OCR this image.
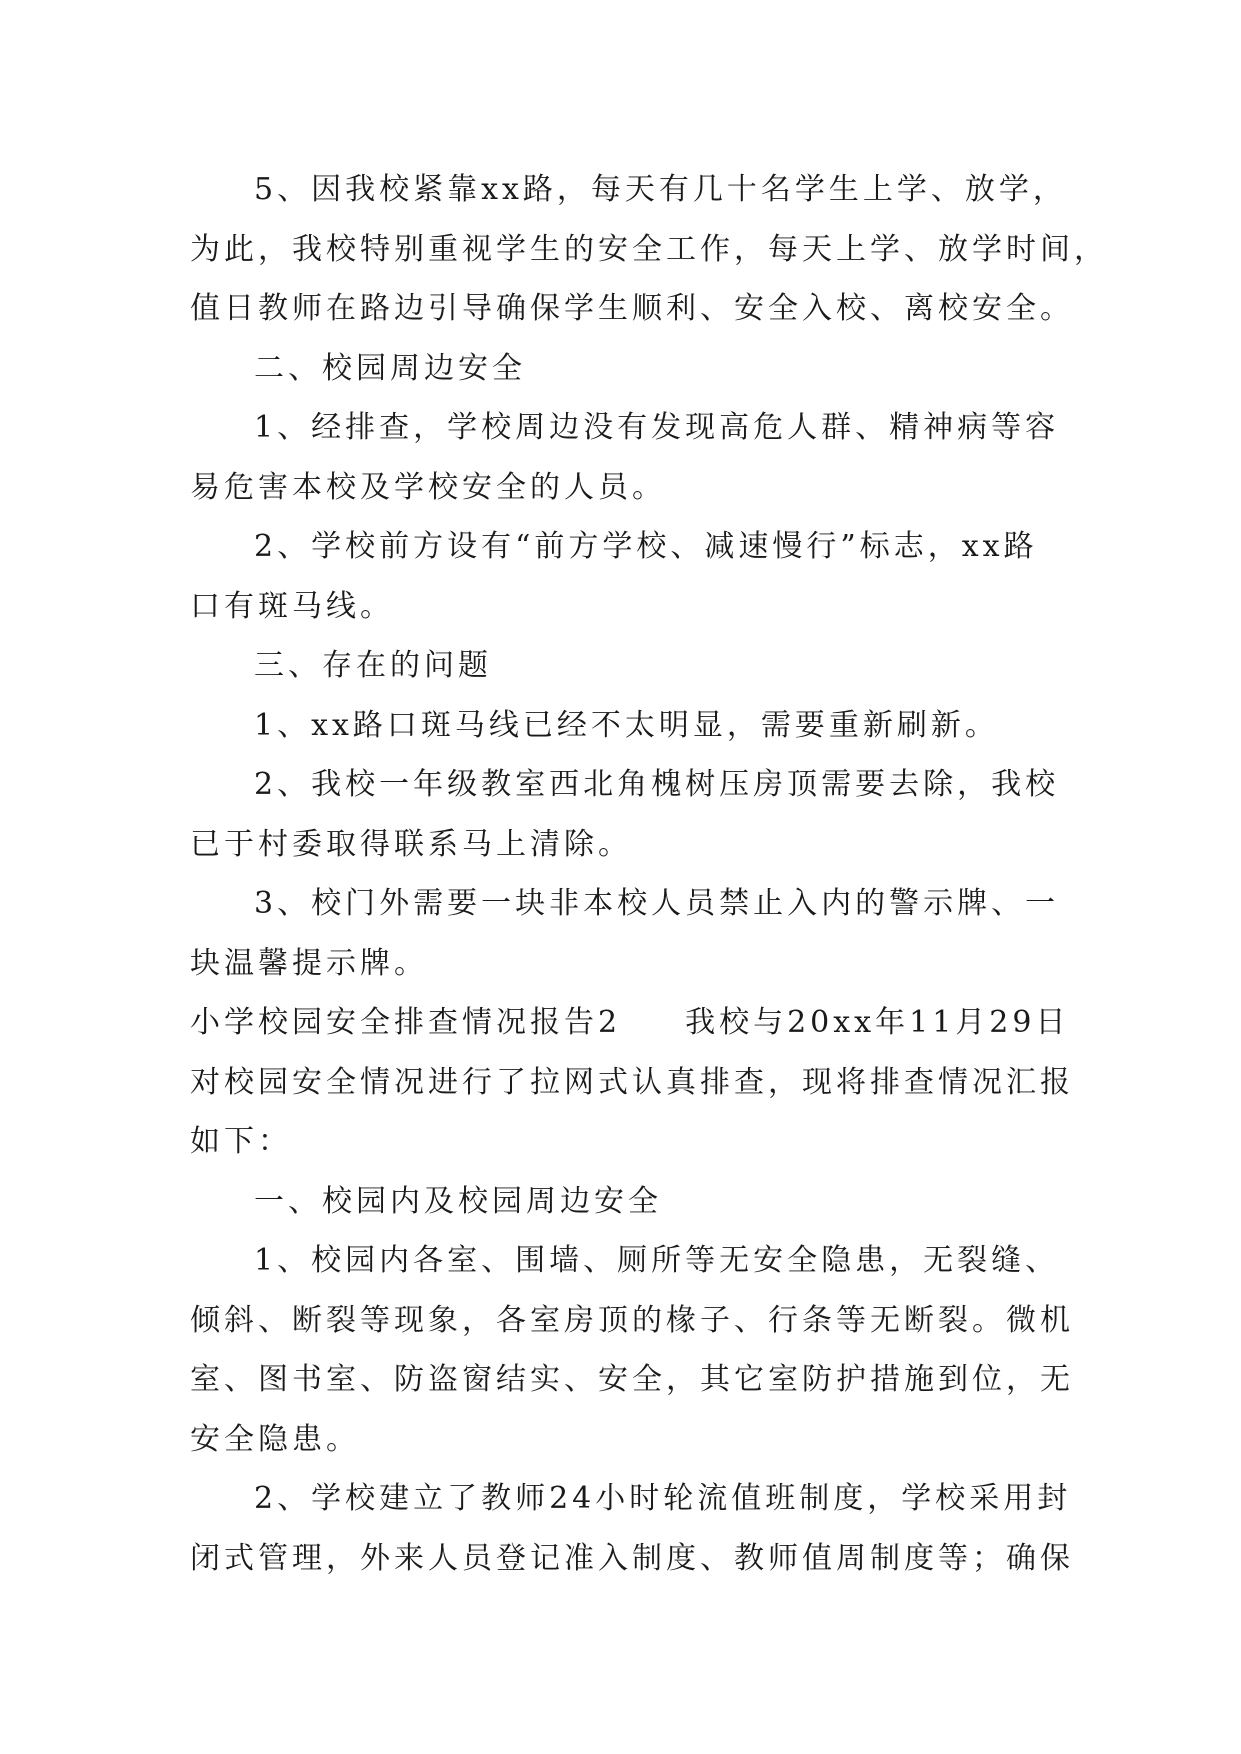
5、因我校紧靠xx路，每天有几十名学生上学、放学，
为此，我校特别重视学生的安全工作，每天上学、放学时间，
值日教师在路边引导确保学生顺利、安全入校、离校安全。
二、校园周边安全
1、经排查，学校周边没有发现高危人群、精神病等容
易危害本校及学校安全的人员。
2、学校前方设有“前方学校、减速慢行”标志，xx路
口有斑马线。
三、存在的问题
1、xx路口斑马线已经不太明显，需要重新刷新。
2、我校一年级教室西北角槐树压房顶需要去除，我校
已于村委取得联系马上清除。
3、校门外需要一块非本校人员禁止入内的警示牌、一
块温馨提示牌。
小学校园安全排查情况报告2 我校与20xx年11月29日
对校园安全情况进行了拉网式认真排查，现将排查情况汇报
如下：
一、校园内及校园周边安全
1、校园内各室、围墙、厕所等无安全隐患，无裂缝、
倾斜、断裂等现象，各室房顶的椽子、行条等无断裂。微机
室、图书室、防盗窗结实、安全，其它室防护措施到位，无
安全隐患。
2、学校建立了教师24小时轮流值班制度，学校采用封
闭式管理，外来人员登记准入制度、教师值周制度等；确保
